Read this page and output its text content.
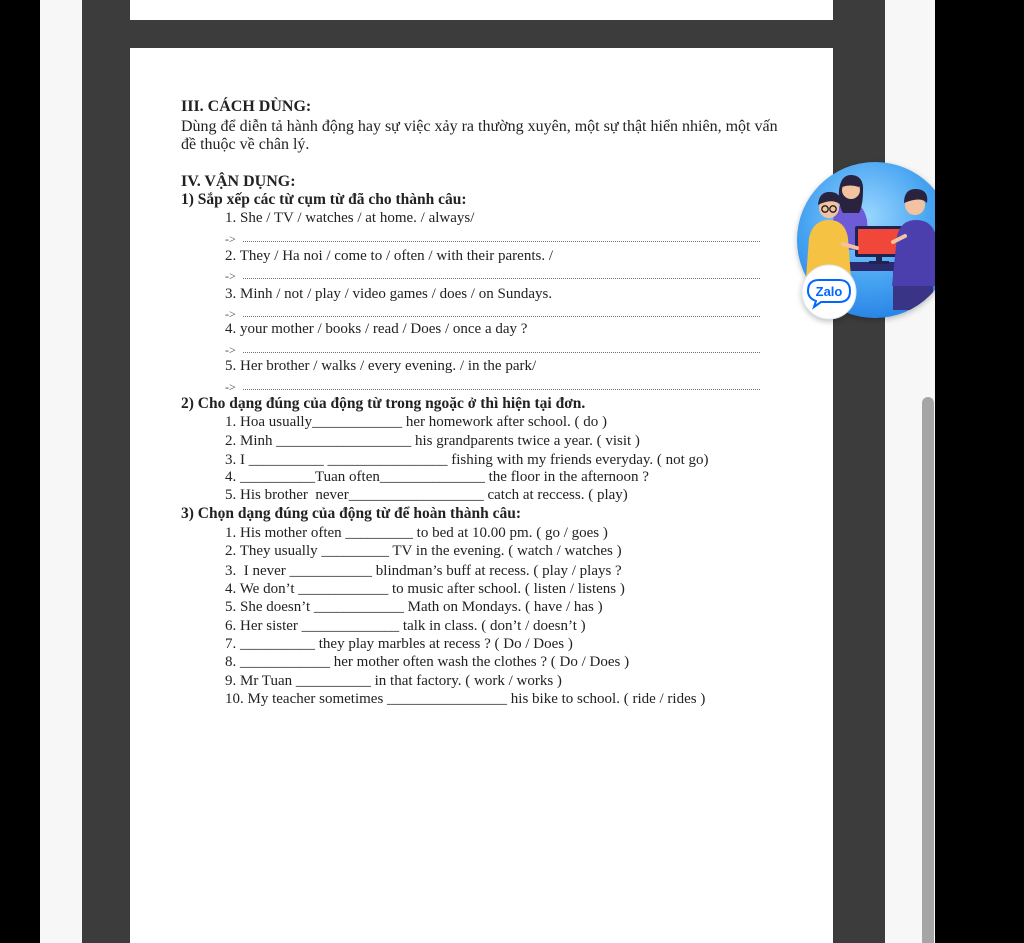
III. CÁCH DÙNG:
Dùng để diễn tả hành động hay sự việc xảy ra thường xuyên, một sự thật hiển nhiên, một vấn
đề thuộc về chân lý.
IV. VẬN DỤNG:
1) Sắp xếp các từ cụm từ đã cho thành câu:
1. She / TV / watches / at home. / always/
->
2. They / Ha noi / come to / often / with their parents. /
->
3. Minh / not / play / video games / does / on Sundays.
->
4. your mother / books / read / Does / once a day ?
->
5. Her brother / walks / every evening. / in the park/
->
2) Cho dạng đúng của động từ trong ngoặc ở thì hiện tại đơn.
1. Hoa usually____________ her homework after school. ( do )
2. Minh __________________ his grandparents twice a year. ( visit )
3. I __________ ________________ fishing with my friends everyday. ( not go)
4. __________Tuan often______________ the floor in the afternoon ?
5. His brother  never__________________ catch at reccess. ( play)
3) Chọn dạng đúng của động từ để hoàn thành câu:
1. His mother often _________ to bed at 10.00 pm. ( go / goes )
2. They usually _________ TV in the evening. ( watch / watches )
3.  I never ___________ blindman’s buff at recess. ( play / plays ?
4. We don’t ____________ to music after school. ( listen / listens )
5. She doesn’t ____________ Math on Mondays. ( have / has )
6. Her sister _____________ talk in class. ( don’t / doesn’t )
7. __________ they play marbles at recess ? ( Do / Does )
8. ____________ her mother often wash the clothes ? ( Do / Does )
9. Mr Tuan __________ in that factory. ( work / works )
10. My teacher sometimes ________________ his bike to school. ( ride / rides )
Zalo
